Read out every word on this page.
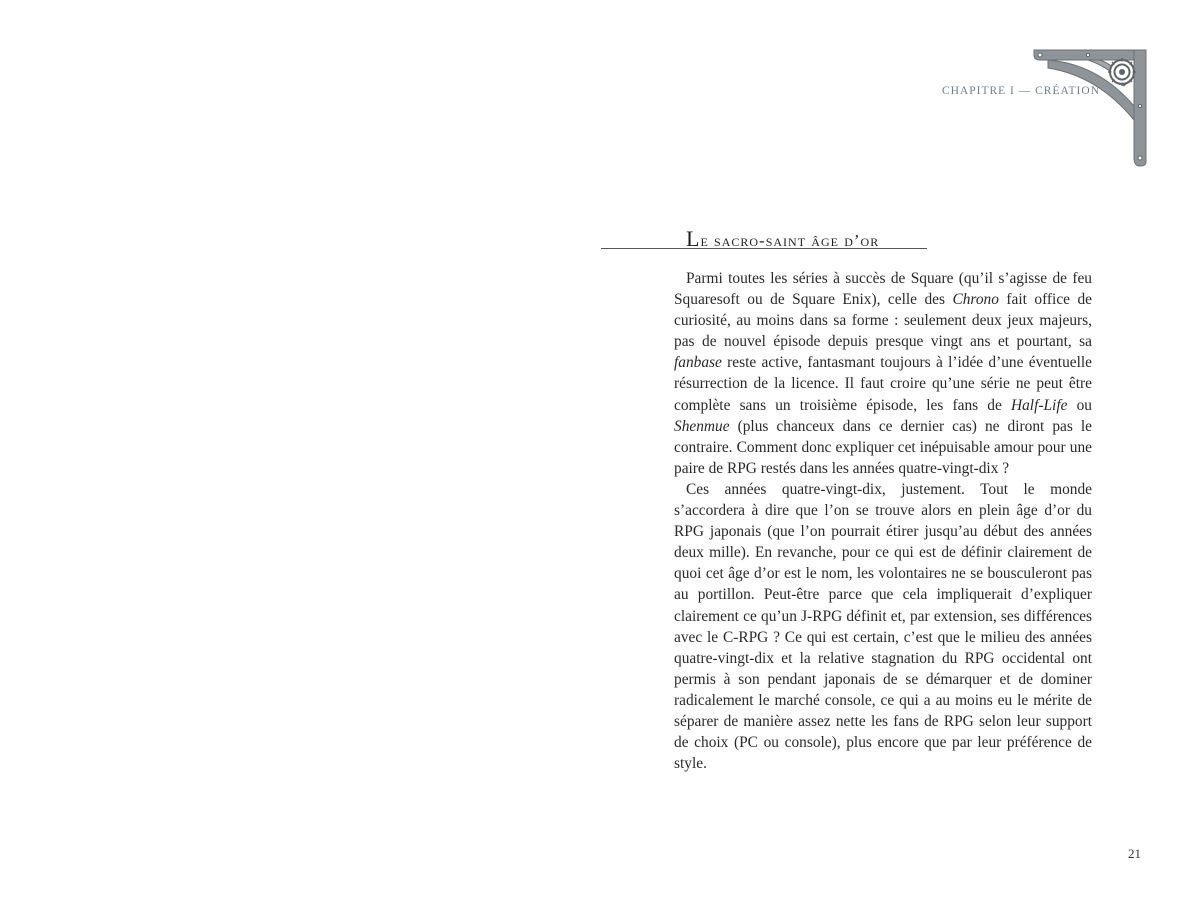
CHAPITRE I — CRÉATION
Le sacro-saint âge d’or

Parmi toutes les séries à succès de Square (qu’il s’agisse de feu Squaresoft ou de Square Enix), celle des Chrono fait office de curiosité, au moins dans sa forme : seulement deux jeux majeurs, pas de nouvel épisode depuis presque vingt ans et pourtant, sa fanbase reste active, fantasmant toujours à l’idée d’une éventuelle résurrection de la licence. Il faut croire qu’une série ne peut être complète sans un troisième épisode, les fans de Half-Life ou Shenmue (plus chanceux dans ce dernier cas) ne diront pas le contraire. Comment donc expliquer cet inépuisable amour pour une paire de RPG restés dans les années quatre-vingt-dix ?

Ces années quatre-vingt-dix, justement. Tout le monde s’accordera à dire que l’on se trouve alors en plein âge d’or du RPG japonais (que l’on pourrait étirer jusqu’au début des années deux mille). En revanche, pour ce qui est de définir clairement de quoi cet âge d’or est le nom, les volontaires ne se bousculeront pas au portillon. Peut-être parce que cela impliquerait d’expliquer clairement ce qu’un J-RPG définit et, par extension, ses différences avec le C-RPG ? Ce qui est certain, c’est que le milieu des années quatre-vingt-dix et la relative stagnation du RPG occidental ont permis à son pendant japonais de se démarquer et de dominer radicalement le marché console, ce qui a au moins eu le mérite de séparer de manière assez nette les fans de RPG selon leur support de choix (PC ou console), plus encore que par leur préférence de style.

21
